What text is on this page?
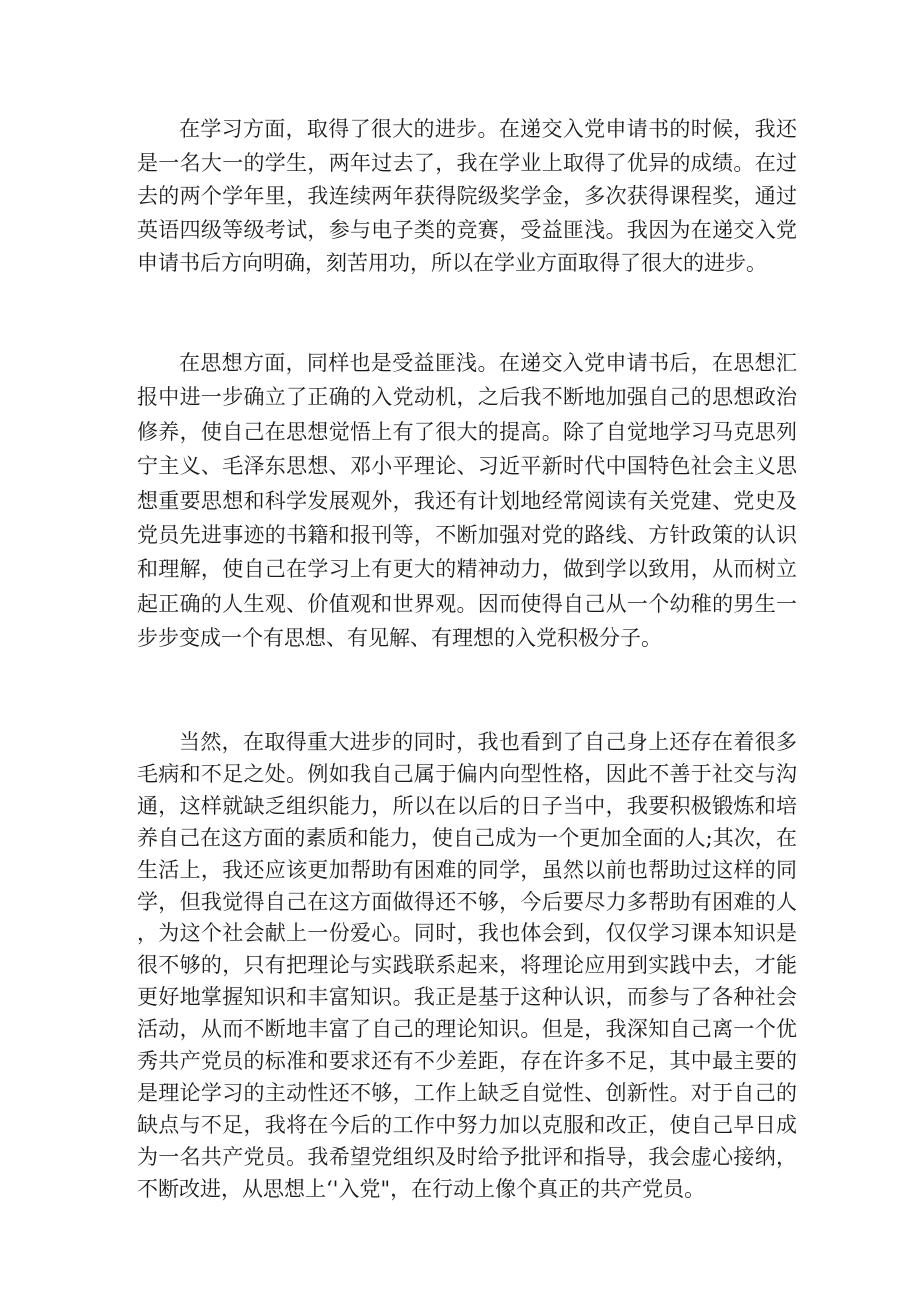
在学习方面，取得了很大的进步。在递交入党申请书的时候，我还是一名大一的学生，两年过去了，我在学业上取得了优异的成绩。在过去的两个学年里，我连续两年获得院级奖学金，多次获得课程奖，通过英语四级等级考试，参与电子类的竞赛，受益匪浅。我因为在递交入党申请书后方向明确，刻苦用功，所以在学业方面取得了很大的进步。

在思想方面，同样也是受益匪浅。在递交入党申请书后，在思想汇报中进一步确立了正确的入党动机，之后我不断地加强自己的思想政治修养，使自己在思想觉悟上有了很大的提高。除了自觉地学习马克思列宁主义、毛泽东思想、邓小平理论、习近平新时代中国特色社会主义思想重要思想和科学发展观外，我还有计划地经常阅读有关党建、党史及党员先进事迹的书籍和报刊等，不断加强对党的路线、方针政策的认识和理解，使自己在学习上有更大的精神动力，做到学以致用，从而树立起正确的人生观、价值观和世界观。因而使得自己从一个幼稚的男生一步步变成一个有思想、有见解、有理想的入党积极分子。

当然，在取得重大进步的同时，我也看到了自己身上还存在着很多毛病和不足之处。例如我自己属于偏内向型性格，因此不善于社交与沟通，这样就缺乏组织能力，所以在以后的日子当中，我要积极锻炼和培养自己在这方面的素质和能力，使自己成为一个更加全面的人;其次，在生活上，我还应该更加帮助有困难的同学，虽然以前也帮助过这样的同学，但我觉得自己在这方面做得还不够，今后要尽力多帮助有困难的人，为这个社会献上一份爱心。同时，我也体会到，仅仅学习课本知识是很不够的，只有把理论与实践联系起来，将理论应用到实践中去，才能更好地掌握知识和丰富知识。我正是基于这种认识，而参与了各种社会活动，从而不断地丰富了自己的理论知识。但是，我深知自己离一个优秀共产党员的标准和要求还有不少差距，存在许多不足，其中最主要的是理论学习的主动性还不够，工作上缺乏自觉性、创新性。对于自己的缺点与不足，我将在今后的工作中努力加以克服和改正，使自己早日成为一名共产党员。我希望党组织及时给予批评和指导，我会虚心接纳，不断改进，从思想上‘'入党"，在行动上像个真正的共产党员。
